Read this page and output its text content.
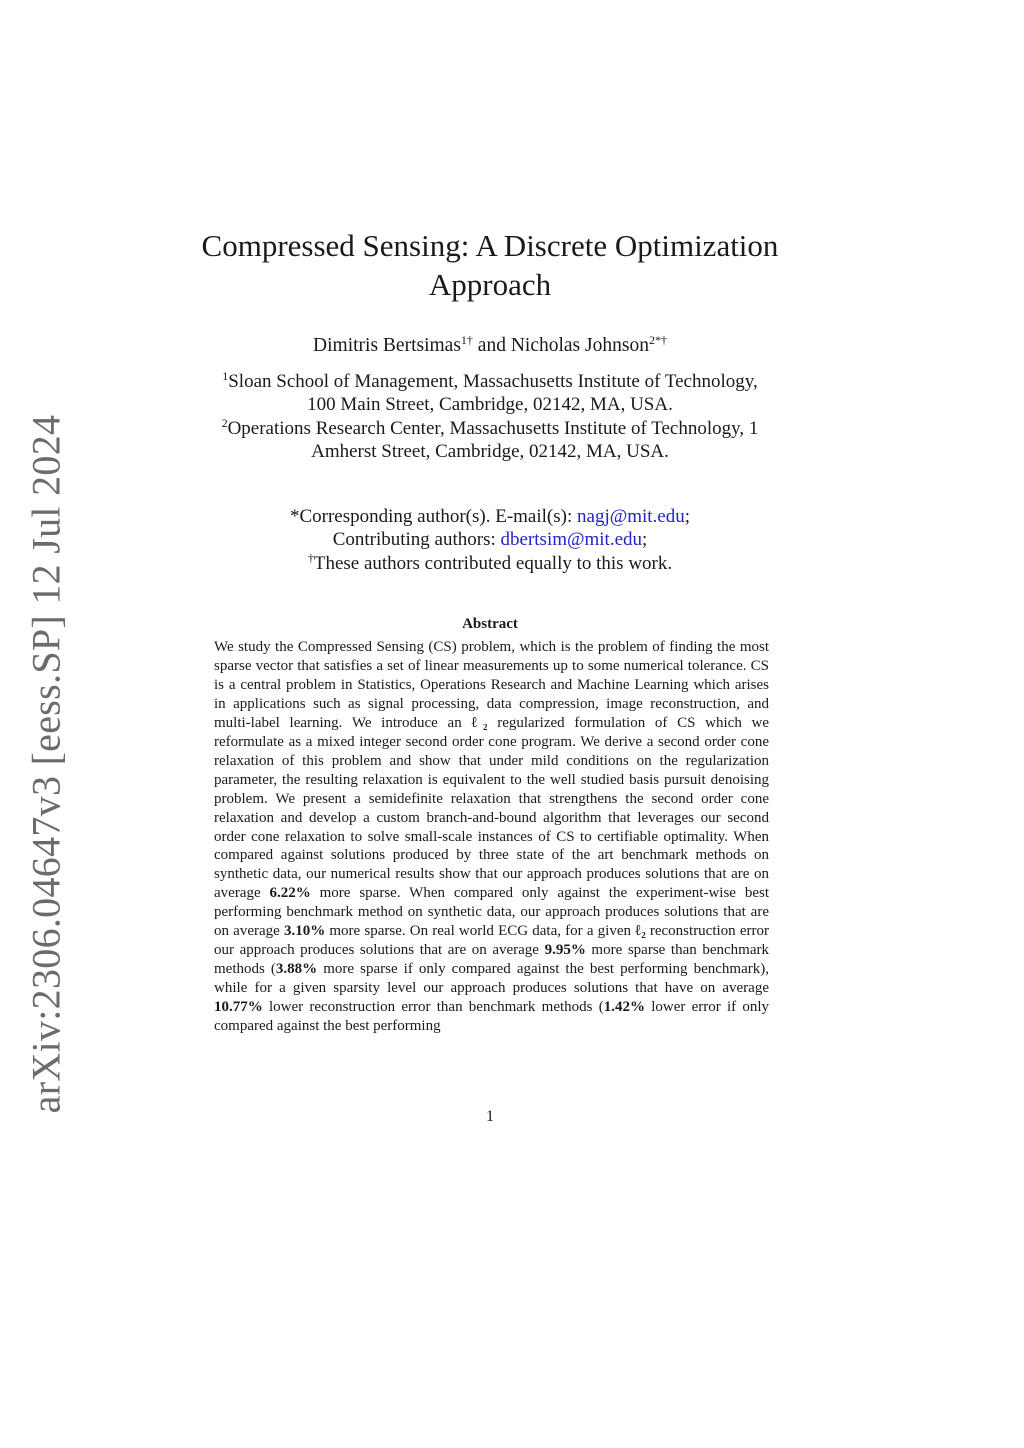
arXiv:2306.04647v3 [eess.SP] 12 Jul 2024
Compressed Sensing: A Discrete Optimization
Approach
Dimitris Bertsimas$^{1\dagger}$ and Nicholas Johnson$^{2*\dagger}$
$^1$Sloan School of Management, Massachusetts Institute of Technology,
100 Main Street, Cambridge, 02142, MA, USA.
$^2$Operations Research Center, Massachusetts Institute of Technology, 1
Amherst Street, Cambridge, 02142, MA, USA.
*Corresponding author(s). E-mail(s): nagj@mit.edu;
Contributing authors: dbertsim@mit.edu;
†These authors contributed equally to this work.
Abstract
We study the Compressed Sensing (CS) problem, which is the problem of finding the most sparse vector that satisfies a set of linear measurements up to some numerical tolerance. CS is a central problem in Statistics, Operations Research and Machine Learning which arises in applications such as signal processing, data compression, image reconstruction, and multi-label learning. We introduce an ℓ₂ regularized formulation of CS which we reformulate as a mixed integer second order cone program. We derive a second order cone relaxation of this problem and show that under mild conditions on the regularization parameter, the resulting relaxation is equivalent to the well studied basis pursuit denoising problem. We present a semidefinite relaxation that strengthens the second order cone relaxation and develop a custom branch-and-bound algorithm that leverages our second order cone relaxation to solve small-scale instances of CS to certifiable optimality. When compared against solutions produced by three state of the art benchmark methods on synthetic data, our numerical results show that our approach produces solutions that are on average 6.22% more sparse. When compared only against the experiment-wise best performing benchmark method on synthetic data, our approach produces solutions that are on average 3.10% more sparse. On real world ECG data, for a given ℓ₂ reconstruction error our approach produces solutions that are on average 9.95% more sparse than benchmark methods (3.88% more sparse if only compared against the best performing benchmark), while for a given sparsity level our approach produces solutions that have on average 10.77% lower reconstruction error than benchmark methods (1.42% lower error if only compared against the best performing
1
